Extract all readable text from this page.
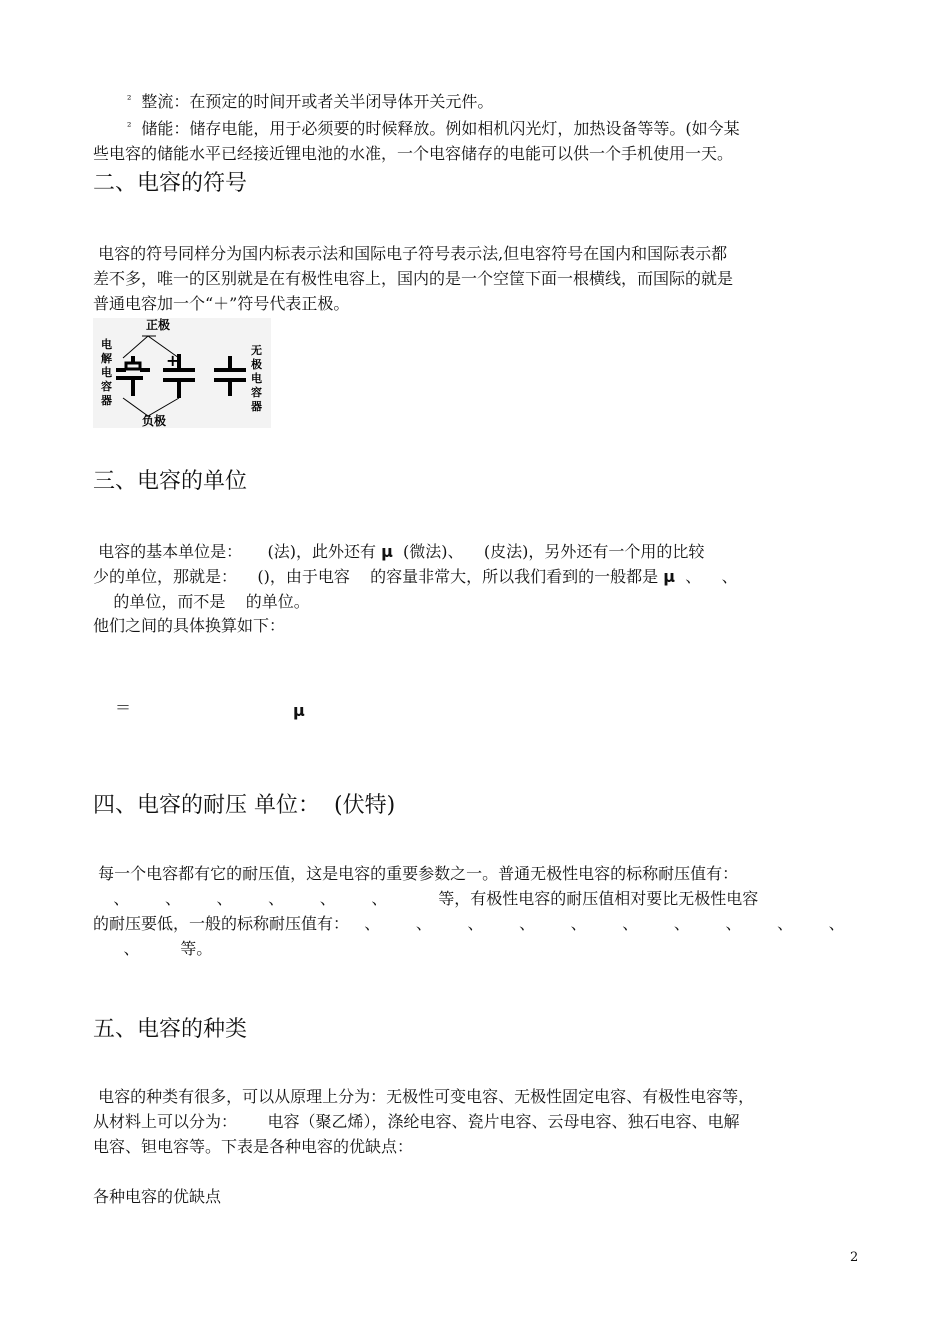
$^{^2}$ 整流：在预定的时间开或者关半闭导体开关元件。
$^{^2}$ 储能：储存电能，用于必须要的时候释放。例如相机闪光灯，加热设备等等。(如今某
些电容的储能水平已经接近锂电池的水准，一个电容储存的电能可以供一个手机使用一天。
二、电容的符号
电容的符号同样分为国内标表示法和国际电子符号表示法,但电容符号在国内和国际表示都
差不多，唯一的区别就是在有极性电容上，国内的是一个空筐下面一根横线，而国际的就是
普通电容加一个“＋”符号代表正极。
正极
负极
电
解
电
容
器
+
无
极
电
容
器
三、电容的单位
电容的基本单位是：     (法)，此外还有 μ  (微法)、    (皮法)，另外还有一个用的比较
少的单位，那就是：    ()，由于电容    的容量非常大，所以我们看到的一般都是 μ  、    、
的单位，而不是    的单位。
他们之间的具体换算如下：
＝	μ
四、电容的耐压 单位：  (伏特)
每一个电容都有它的耐压值，这是电容的重要参数之一。普通无极性电容的标称耐压值有：
、       、       、       、       、       、          等，有极性电容的耐压值相对要比无极性电容
的耐压要低，一般的标称耐压值有：   、       、       、       、       、       、       、       、       、       、
、        等。
五、电容的种类
电容的种类有很多，可以从原理上分为：无极性可变电容、无极性固定电容、有极性电容等，
从材料上可以分为：      电容（聚乙烯），涤纶电容、瓷片电容、云母电容、独石电容、电解
电容、钽电容等。下表是各种电容的优缺点：
各种电容的优缺点
2
